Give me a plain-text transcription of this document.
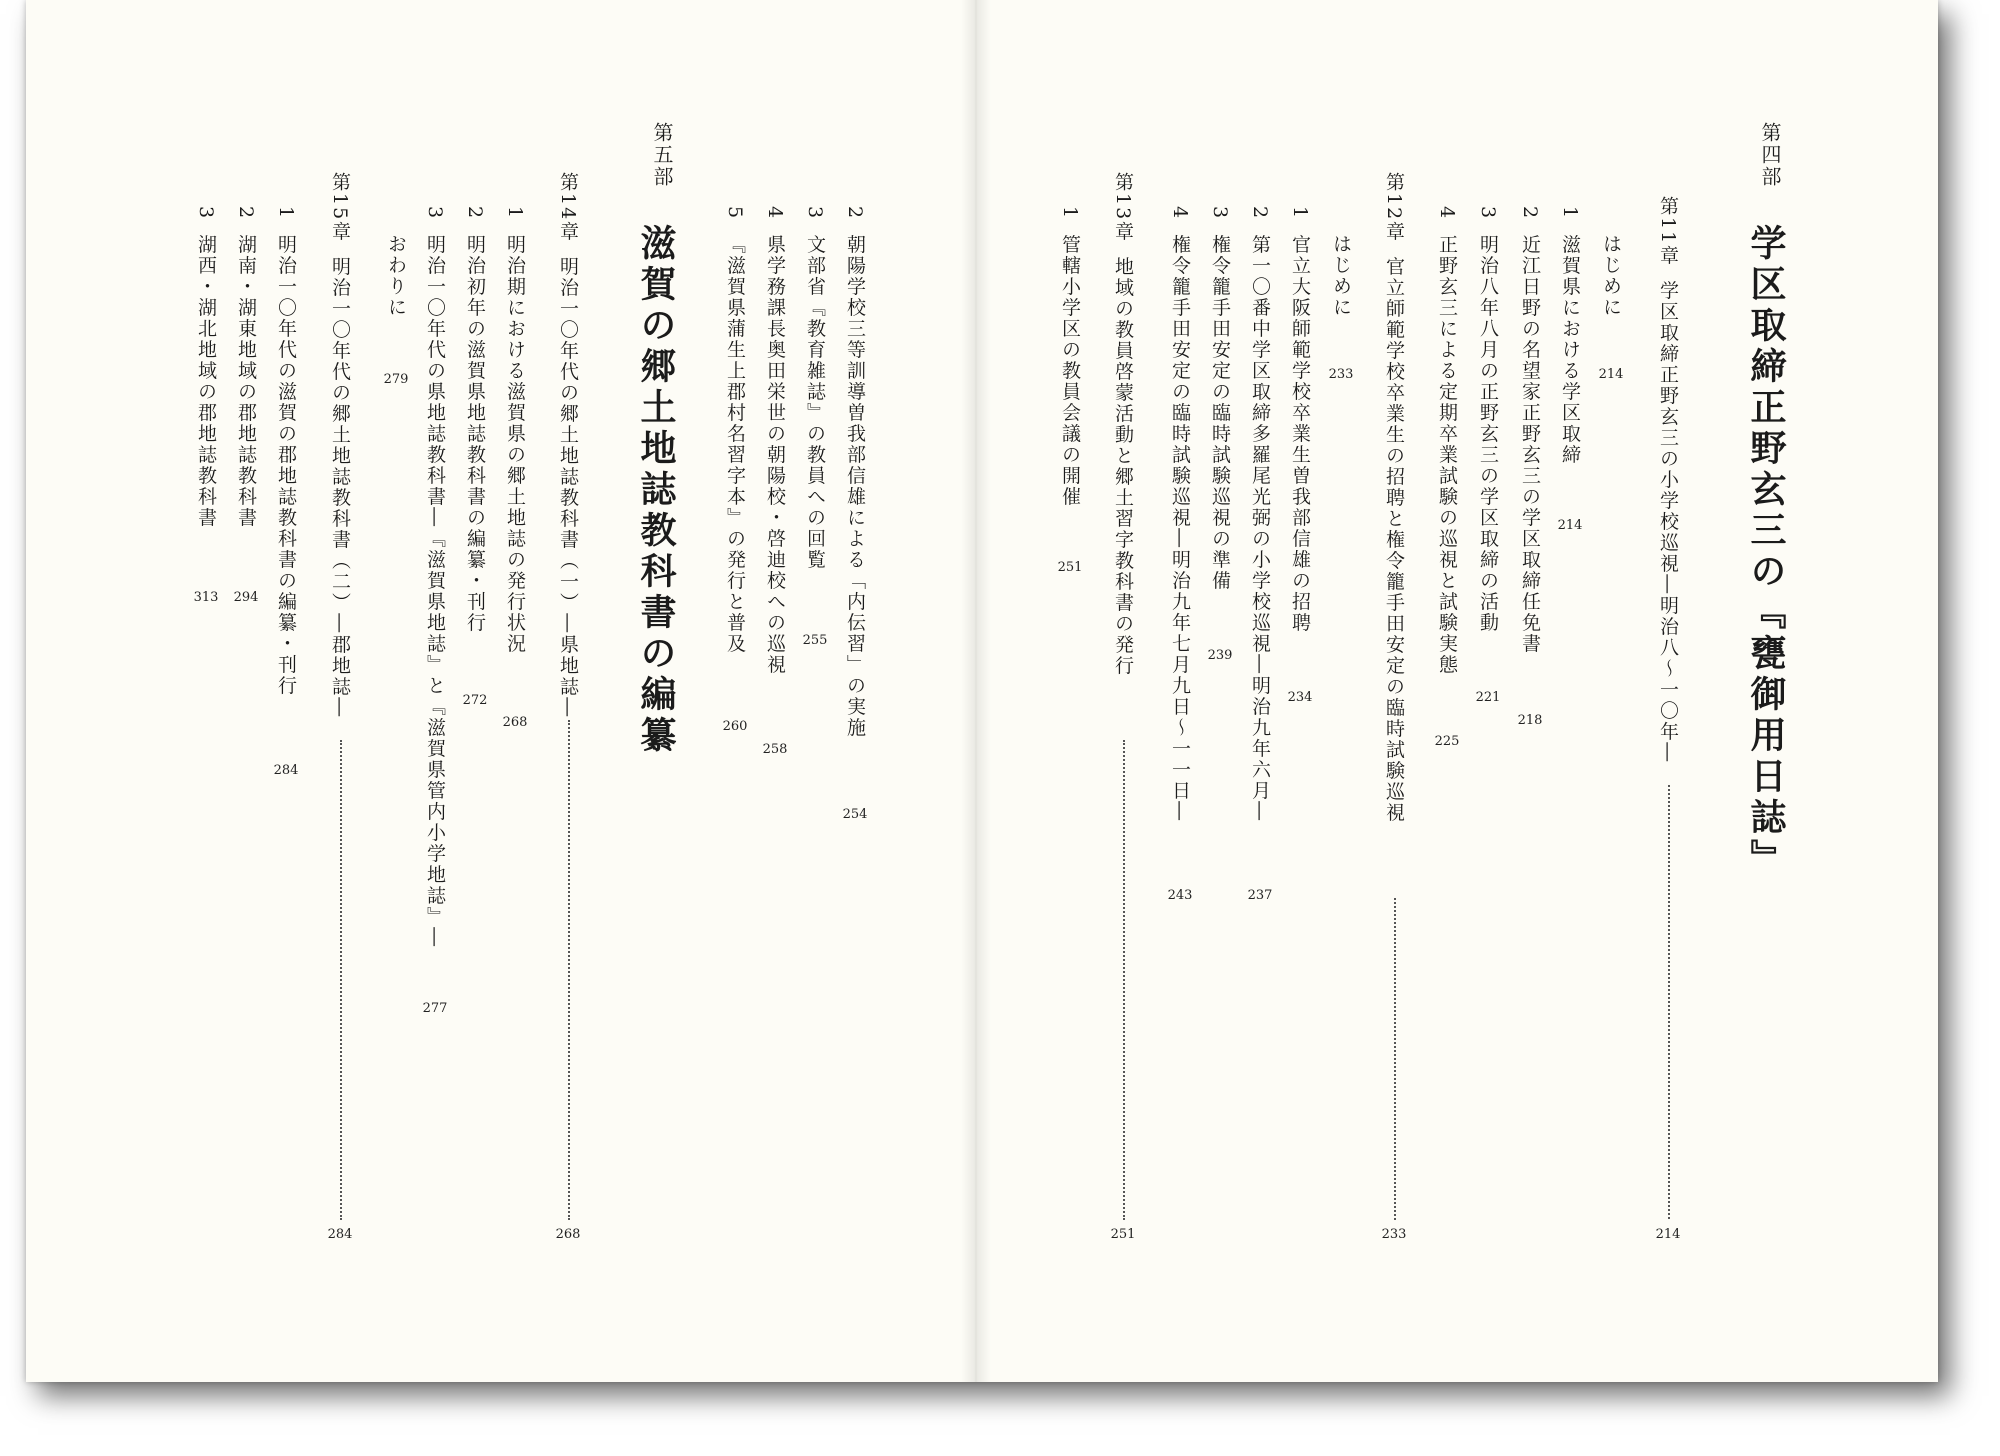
第四部
学区取締正野玄三の『甕御用日誌』
第11章学区取締正野玄三の小学校巡視―明治八～一〇年―
214
はじめに
214
1滋賀県における学区取締
214
2近江日野の名望家正野玄三の学区取締任免書
218
3明治八年八月の正野玄三の学区取締の活動
221
4正野玄三による定期卒業試験の巡視と試験実態
225
第12章官立師範学校卒業生の招聘と権令籠手田安定の臨時試験巡視
233
はじめに
233
1官立大阪師範学校卒業生曽我部信雄の招聘
234
2第一〇番中学区取締多羅尾光弼の小学校巡視―明治九年六月―
237
3権令籠手田安定の臨時試験巡視の準備
239
4権令籠手田安定の臨時試験巡視―明治九年七月九日～一一日―
243
第13章地域の教員啓蒙活動と郷土習字教科書の発行
251
1管轄小学区の教員会議の開催
251
2朝陽学校三等訓導曽我部信雄による「内伝習」の実施
254
3文部省『教育雑誌』の教員への回覧
255
4県学務課長奥田栄世の朝陽校・啓迪校への巡視
258
5『滋賀県蒲生上郡村名習字本』の発行と普及
260
第五部
滋賀の郷土地誌教科書の編纂
第14章明治一〇年代の郷土地誌教科書（一）―県地誌―
268
1明治期における滋賀県の郷土地誌の発行状況
268
2明治初年の滋賀県地誌教科書の編纂・刊行
272
3明治一〇年代の県地誌教科書―『滋賀県地誌』と『滋賀県管内小学地誌』―
277
おわりに
279
第15章明治一〇年代の郷土地誌教科書（二）―郡地誌―
284
1明治一〇年代の滋賀の郡地誌教科書の編纂・刊行
284
2湖南・湖東地域の郡地誌教科書
294
3湖西・湖北地域の郡地誌教科書
313
